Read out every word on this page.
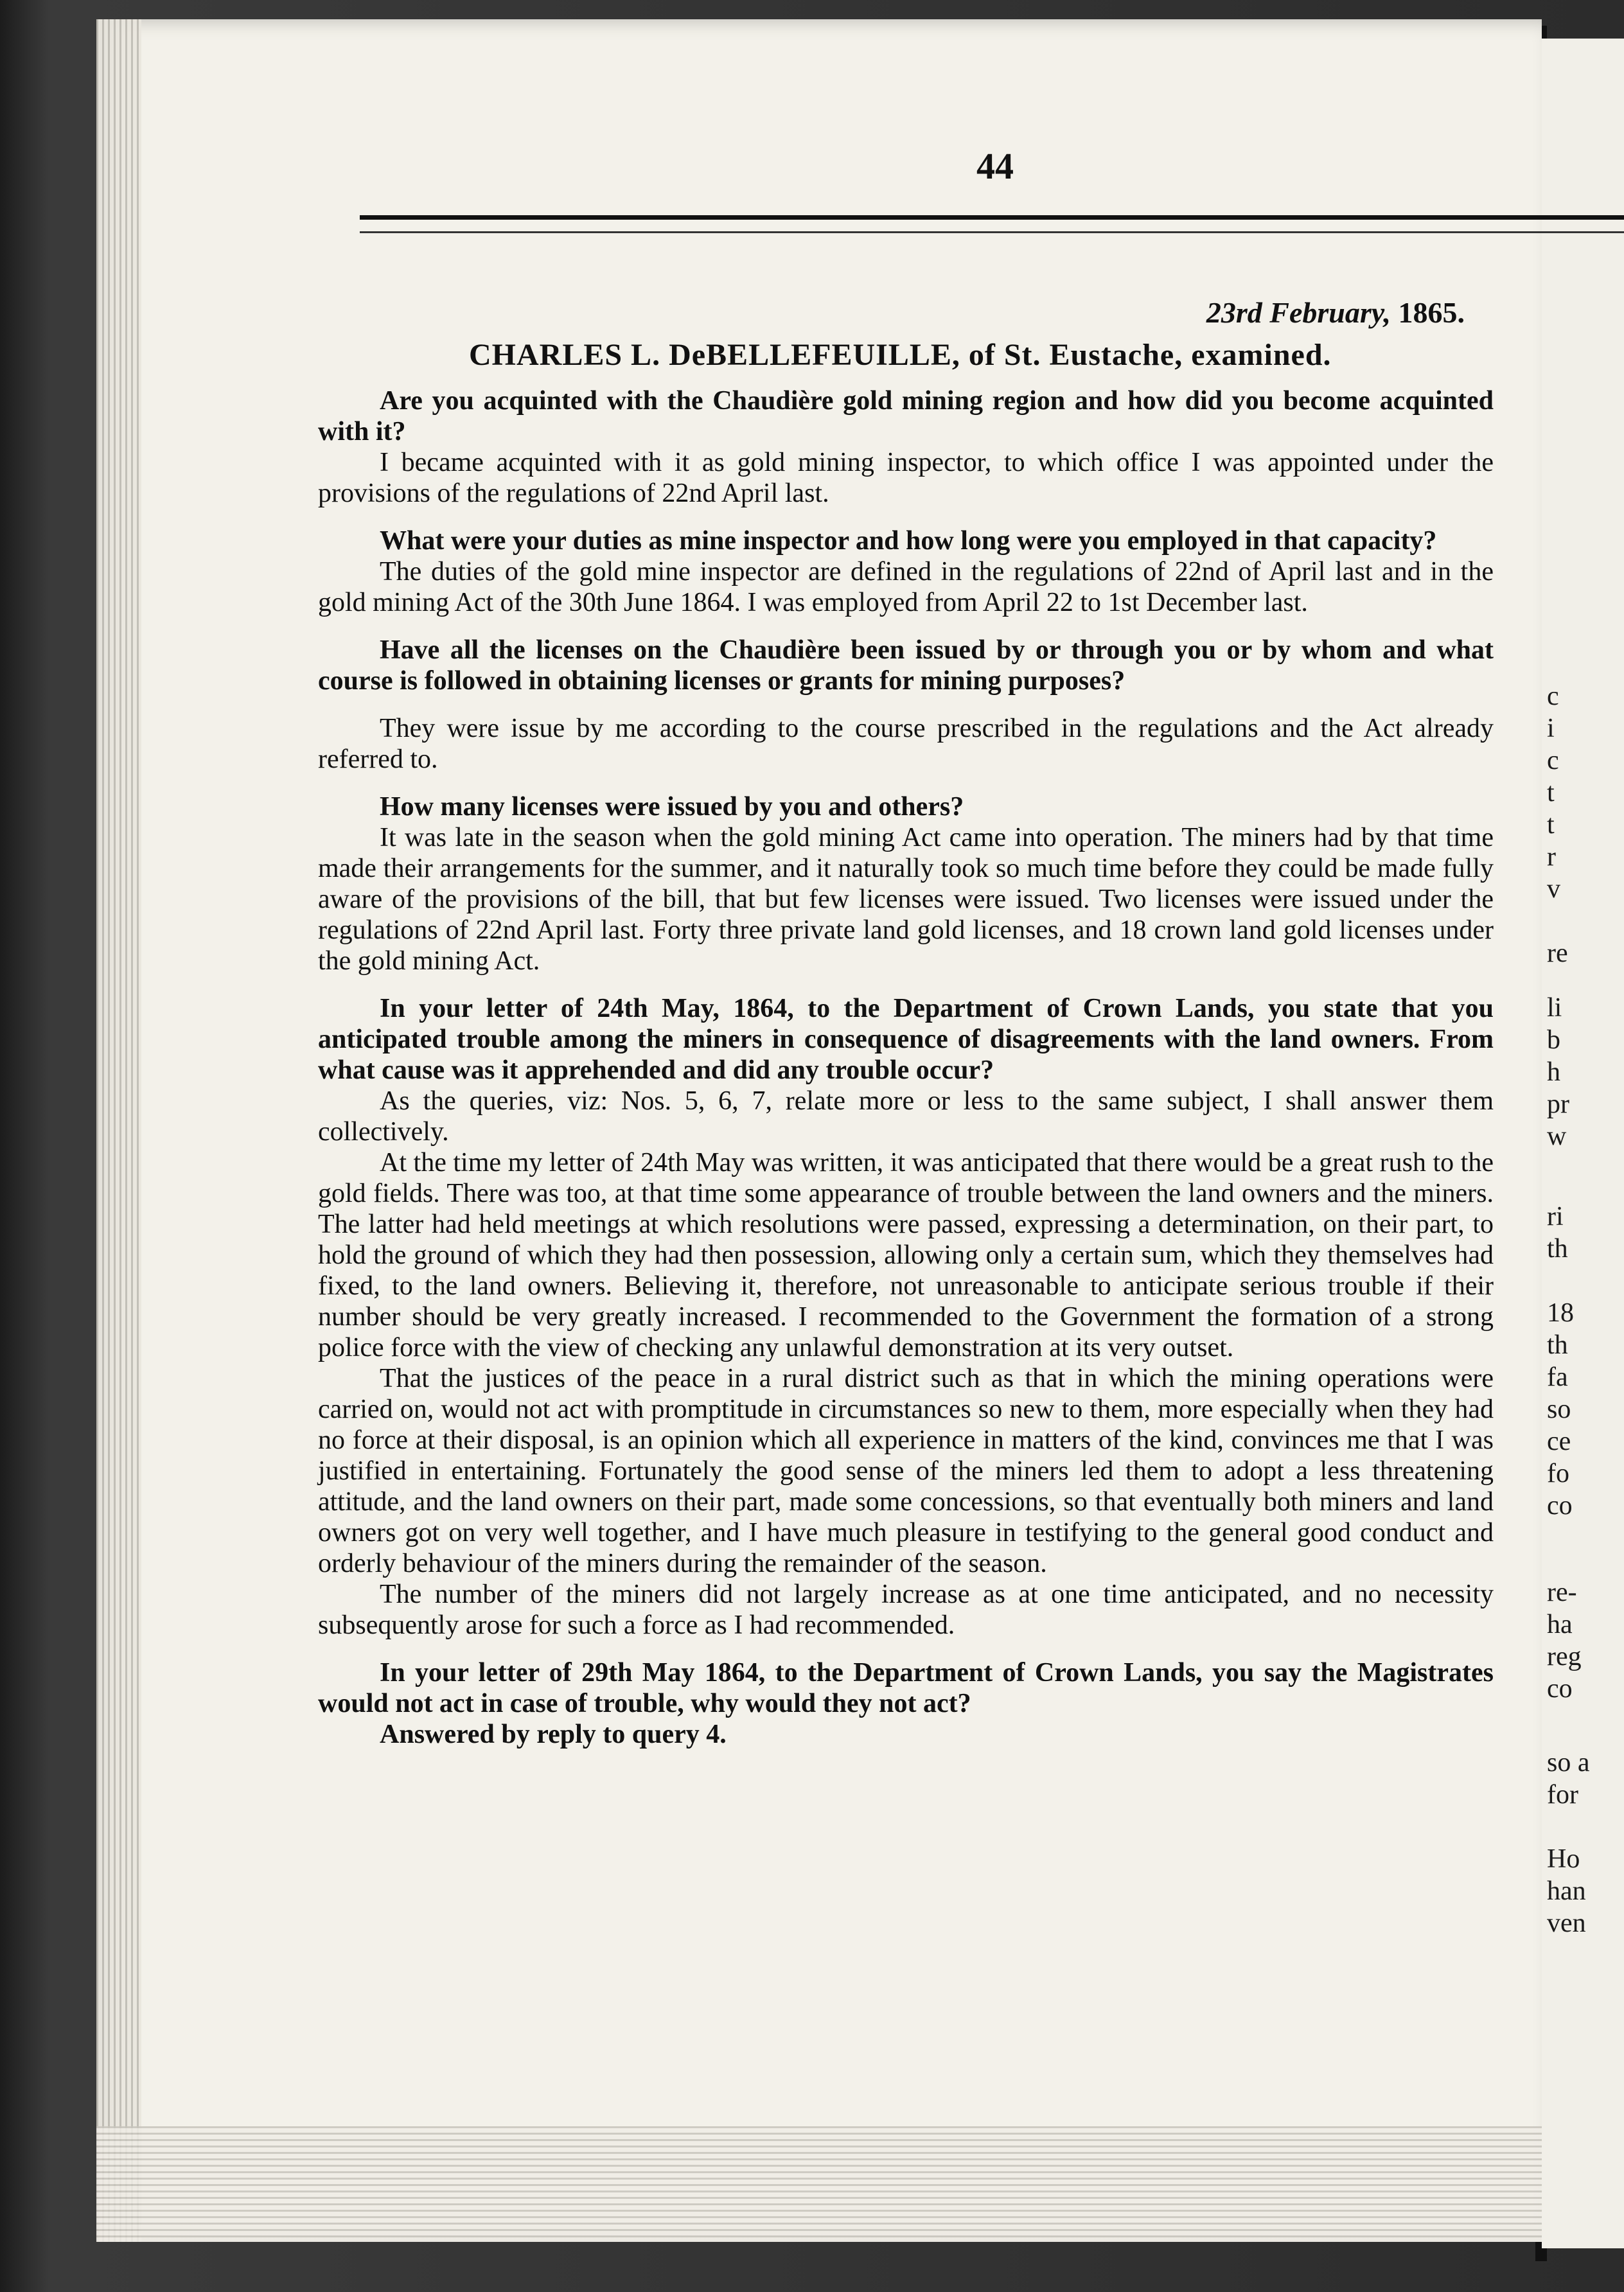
c
i
c
t
t
r
v
re
li
b
h
pr
w
ri
th
18
th
fa
so
ce
fo
co
re-
ha
reg
co
so a
for
Ho
han
ven
44
23rd February, 1865.
CHARLES L. DeBELLEFEUILLE, of St. Eustache, examined.

Are you acquinted with the Chaudière gold mining region and how did you become acquinted with it?

I became acquinted with it as gold mining inspector, to which office I was appointed under the provisions of the regulations of 22nd April last.

What were your duties as mine inspector and how long were you employed in that capacity?

The duties of the gold mine inspector are defined in the regulations of 22nd of April last and in the gold mining Act of the 30th June 1864. I was employed from April 22 to 1st December last.

Have all the licenses on the Chaudière been issued by or through you or by whom and what course is followed in obtaining licenses or grants for mining purposes?

They were issue by me according to the course prescribed in the regulations and the Act already referred to.

How many licenses were issued by you and others?

It was late in the season when the gold mining Act came into operation. The miners had by that time made their arrangements for the summer, and it naturally took so much time before they could be made fully aware of the provisions of the bill, that but few licenses were issued. Two licenses were issued under the regulations of 22nd April last. Forty three private land gold licenses, and 18 crown land gold licenses under the gold mining Act.

In your letter of 24th May, 1864, to the Department of Crown Lands, you state that you anticipated trouble among the miners in consequence of disagreements with the land owners. From what cause was it apprehended and did any trouble occur?

As the queries, viz: Nos. 5, 6, 7, relate more or less to the same subject, I shall answer them collectively.

At the time my letter of 24th May was written, it was anticipated that there would be a great rush to the gold fields. There was too, at that time some appearance of trouble between the land owners and the miners. The latter had held meetings at which resolutions were passed, expressing a determination, on their part, to hold the ground of which they had then possession, allowing only a certain sum, which they themselves had fixed, to the land owners. Believing it, therefore, not unreasonable to anticipate serious trouble if their number should be very greatly increased. I recommended to the Government the formation of a strong police force with the view of checking any unlawful demonstration at its very outset.

That the justices of the peace in a rural district such as that in which the mining operations were carried on, would not act with promptitude in circumstances so new to them, more especially when they had no force at their disposal, is an opinion which all experience in matters of the kind, convinces me that I was justified in entertaining. Fortunately the good sense of the miners led them to adopt a less threatening attitude, and the land owners on their part, made some concessions, so that eventually both miners and land owners got on very well together, and I have much pleasure in testifying to the general good conduct and orderly behaviour of the miners during the remainder of the season.

The number of the miners did not largely increase as at one time anticipated, and no necessity subsequently arose for such a force as I had recommended.

In your letter of 29th May 1864, to the Department of Crown Lands, you say the Magistrates would not act in case of trouble, why would they not act?

Answered by reply to query 4.
